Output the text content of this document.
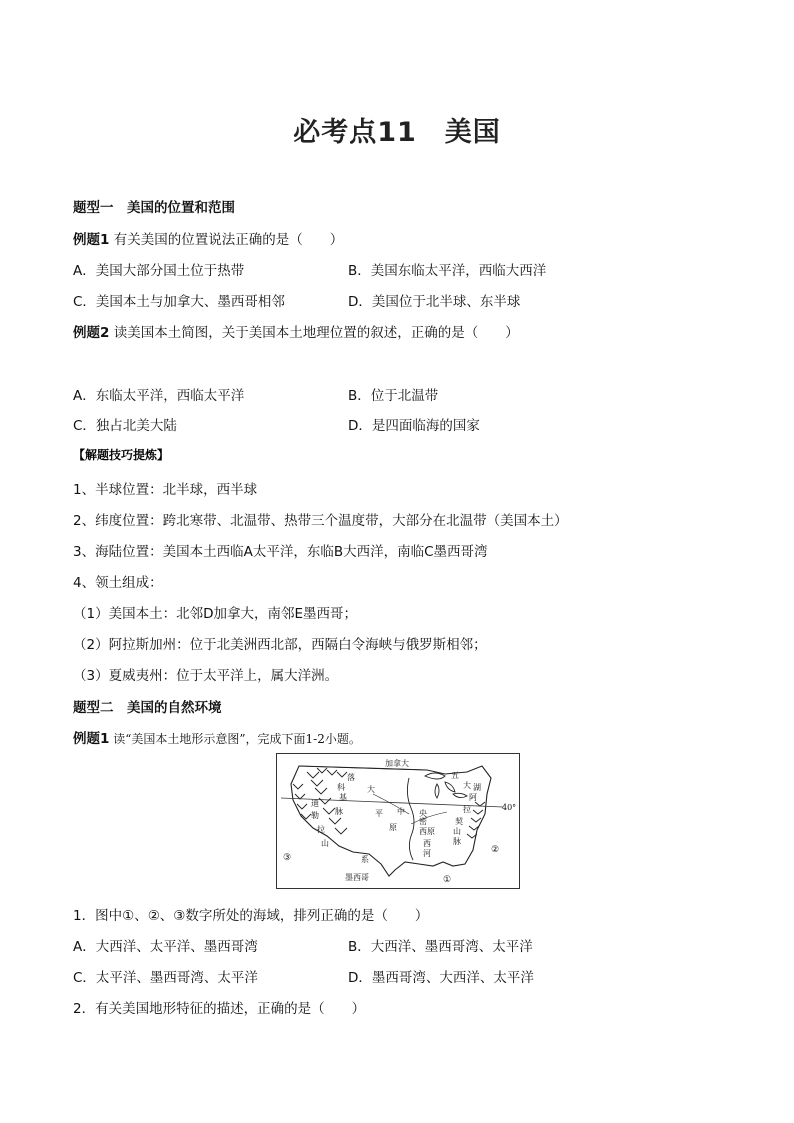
必考点11　美国
题型一　美国的位置和范围
例题1 有关美国的位置说法正确的是（　　）
A．美国大部分国土位于热带	B．美国东临太平洋，西临大西洋
C．美国本土与加拿大、墨西哥相邻	D．美国位于北半球、东半球
例题2 读美国本土简图，关于美国本土地理位置的叙述，正确的是（　　）
A．东临太平洋，西临太平洋	B．位于北温带
C．独占北美大陆	D．是四面临海的国家
【解题技巧提炼】
1、半球位置：北半球，西半球
2、纬度位置：跨北寒带、北温带、热带三个温度带，大部分在北温带（美国本土）
3、海陆位置：美国本土西临A太平洋，东临B大西洋，南临C墨西哥湾
4、领土组成：
（1）美国本土：北邻D加拿大，南邻E墨西哥；
（2）阿拉斯加州：位于北美洲西北部，西隔白令海峡与俄罗斯相邻；
（3）夏威夷州：位于太平洋上，属大洋洲。
题型二　美国的自然环境
例题1 读“美国本土地形示意图”，完成下面1-2小题。
加拿大
墨西哥
40°
①
②
③
落
科
基
迪
勒
拉
山
系
脉
大
平
原
中 央
原
密
西
西
河
五
大 湖
阿
拉
契
山
脉
1．图中①、②、③数字所处的海域，排列正确的是（　　）
A．大西洋、太平洋、墨西哥湾	B．大西洋、墨西哥湾、太平洋
C．太平洋、墨西哥湾、太平洋	D．墨西哥湾、大西洋、太平洋
2．有关美国地形特征的描述，正确的是（　　）
